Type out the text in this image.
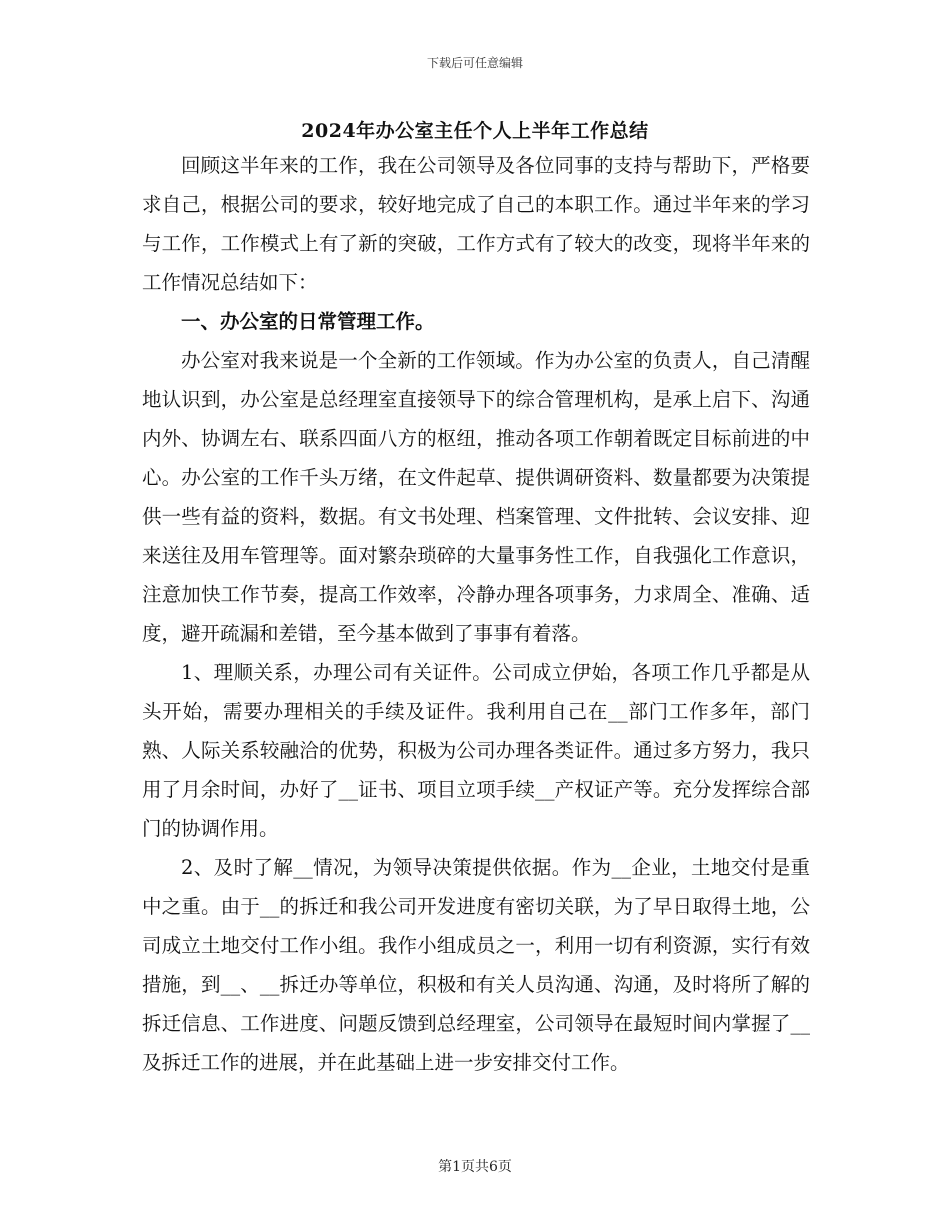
下载后可任意编辑
2024年办公室主任个人上半年工作总结

回顾这半年来的工作，我在公司领导及各位同事的支持与帮助下，严格要求自己，根据公司的要求，较好地完成了自己的本职工作。通过半年来的学习与工作，工作模式上有了新的突破，工作方式有了较大的改变，现将半年来的工作情况总结如下：

一、办公室的日常管理工作。

办公室对我来说是一个全新的工作领域。作为办公室的负责人，自己清醒地认识到，办公室是总经理室直接领导下的综合管理机构，是承上启下、沟通内外、协调左右、联系四面八方的枢纽，推动各项工作朝着既定目标前进的中心。办公室的工作千头万绪，在文件起草、提供调研资料、数量都要为决策提供一些有益的资料，数据。有文书处理、档案管理、文件批转、会议安排、迎来送往及用车管理等。面对繁杂琐碎的大量事务性工作，自我强化工作意识，注意加快工作节奏，提高工作效率，冷静办理各项事务，力求周全、准确、适度，避开疏漏和差错，至今基本做到了事事有着落。

1、理顺关系，办理公司有关证件。公司成立伊始，各项工作几乎都是从头开始，需要办理相关的手续及证件。我利用自己在__部门工作多年，部门熟、人际关系较融洽的优势，积极为公司办理各类证件。通过多方努力，我只用了月余时间，办好了__证书、项目立项手续__产权证产等。充分发挥综合部门的协调作用。

2、及时了解__情况，为领导决策提供依据。作为__企业，土地交付是重中之重。由于__的拆迁和我公司开发进度有密切关联，为了早日取得土地，公司成立土地交付工作小组。我作小组成员之一，利用一切有利资源，实行有效措施，到__、__拆迁办等单位，积极和有关人员沟通、沟通，及时将所了解的拆迁信息、工作进度、问题反馈到总经理室，公司领导在最短时间内掌握了__及拆迁工作的进展，并在此基础上进一步安排交付工作。

第1页共6页
